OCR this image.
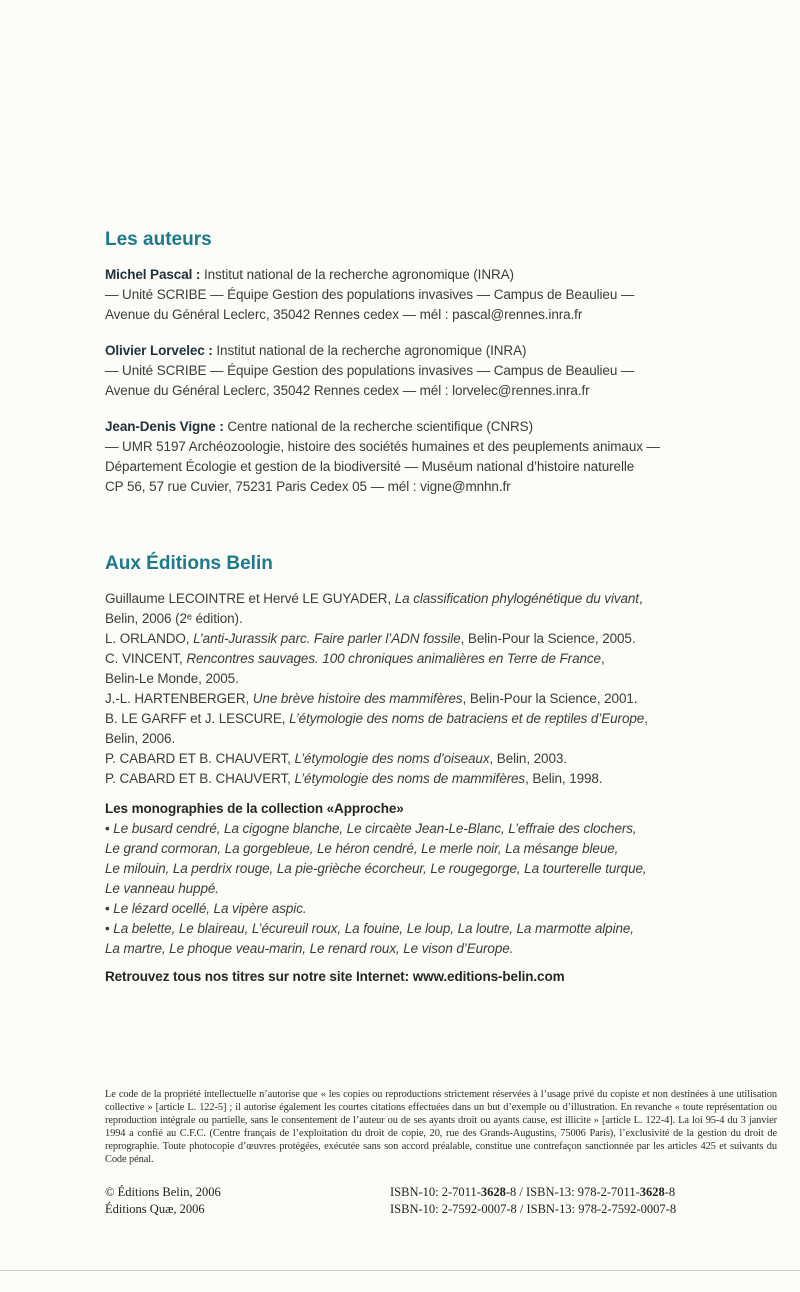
Les auteurs

Michel Pascal : Institut national de la recherche agronomique (INRA)
— Unité SCRIBE — Équipe Gestion des populations invasives — Campus de Beaulieu —
Avenue du Général Leclerc, 35042 Rennes cedex — mél : pascal@rennes.inra.fr

Olivier Lorvelec : Institut national de la recherche agronomique (INRA)
— Unité SCRIBE — Équipe Gestion des populations invasives — Campus de Beaulieu —
Avenue du Général Leclerc, 35042 Rennes cedex — mél : lorvelec@rennes.inra.fr

Jean-Denis Vigne : Centre national de la recherche scientifique (CNRS)
— UMR 5197 Archéozoologie, histoire des sociétés humaines et des peuplements animaux —
Département Écologie et gestion de la biodiversité — Muséum national d’histoire naturelle
CP 56, 57 rue Cuvier, 75231 Paris Cedex 05 — mél : vigne@mnhn.fr

Aux Éditions Belin
Guillaume LECOINTRE et Hervé LE GUYADER, La classification phylogénétique du vivant,
Belin, 2006 (2ᵉ édition).
L. ORLANDO, L’anti-Jurassik parc. Faire parler l’ADN fossile, Belin-Pour la Science, 2005.
C. VINCENT, Rencontres sauvages. 100 chroniques animalières en Terre de France,
Belin-Le Monde, 2005.
J.-L. HARTENBERGER, Une brève histoire des mammifères, Belin-Pour la Science, 2001.
B. LE GARFF et J. LESCURE, L’étymologie des noms de batraciens et de reptiles d’Europe,
Belin, 2006.
P. CABARD ET B. CHAUVERT, L’étymologie des noms d’oiseaux, Belin, 2003.
P. CABARD ET B. CHAUVERT, L’étymologie des noms de mammifères, Belin, 1998.
Les monographies de la collection «Approche»
• Le busard cendré, La cigogne blanche, Le circaète Jean-Le-Blanc, L’effraie des clochers,
Le grand cormoran, La gorgebleue, Le héron cendré, Le merle noir, La mésange bleue,
Le milouin, La perdrix rouge, La pie-grièche écorcheur, Le rougegorge, La tourterelle turque,
Le vanneau huppé.
• Le lézard ocellé, La vipère aspic.
• La belette, Le blaireau, L’écureuil roux, La fouine, Le loup, La loutre, La marmotte alpine,
La martre, Le phoque veau-marin, Le renard roux, Le vison d’Europe.
Retrouvez tous nos titres sur notre site Internet: www.editions-belin.com

Le code de la propriété intellectuelle n’autorise que « les copies ou reproductions strictement réservées à l’usage privé du copiste et non destinées à une utilisation collective » [article L. 122-5] ; il autorise également les courtes citations effectuées dans un but d’exemple ou d’illustration. En revanche « toute représentation ou reproduction intégrale ou partielle, sans le consentement de l’auteur ou de ses ayants droit ou ayants cause, est illicite » [article L. 122-4]. La loi 95-4 du 3 janvier 1994 a confié au C.F.C. (Centre français de l’exploitation du droit de copie, 20, rue des Grands-Augustins, 75006 Paris), l’exclusivité de la gestion du droit de reprographie. Toute photocopie d’œuvres protégées, exécutée sans son accord préalable, constitue une contrefaçon sanctionnée par les articles 425 et suivants du Code pénal.

© Éditions Belin, 2006
Éditions Quæ, 2006
ISBN-10: 2-7011-3628-8 / ISBN-13: 978-2-7011-3628-8
ISBN-10: 2-7592-0007-8 / ISBN-13: 978-2-7592-0007-8
